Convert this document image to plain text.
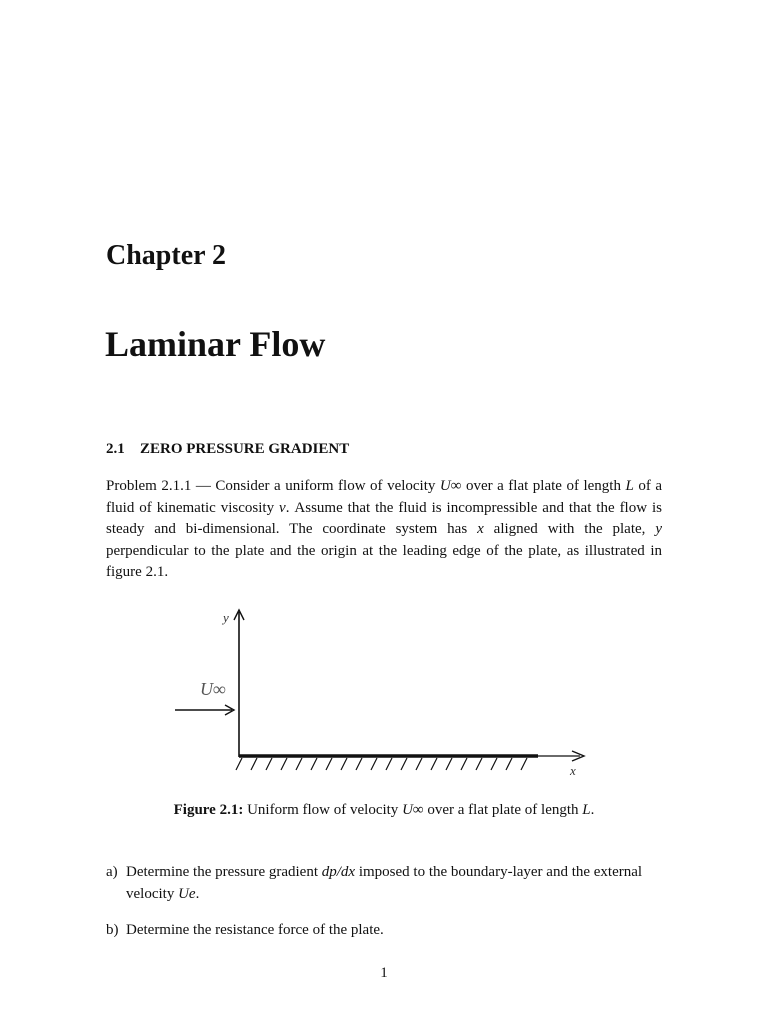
Chapter 2
Laminar Flow
2.1 ZERO PRESSURE GRADIENT

Problem 2.1.1 — Consider a uniform flow of velocity U∞ over a flat plate of length L of a fluid of kinematic viscosity ν. Assume that the fluid is incompressible and that the flow is steady and bi-dimensional. The coordinate system has x aligned with the plate, y perpendicular to the plate and the origin at the leading edge of the plate, as illustrated in figure 2.1.

y
x
U∞

Figure 2.1: Uniform flow of velocity U∞ over a flat plate of length L.

a) Determine the pressure gradient dp/dx imposed to the boundary-layer and the external velocity Ue.
b) Determine the resistance force of the plate.

1
